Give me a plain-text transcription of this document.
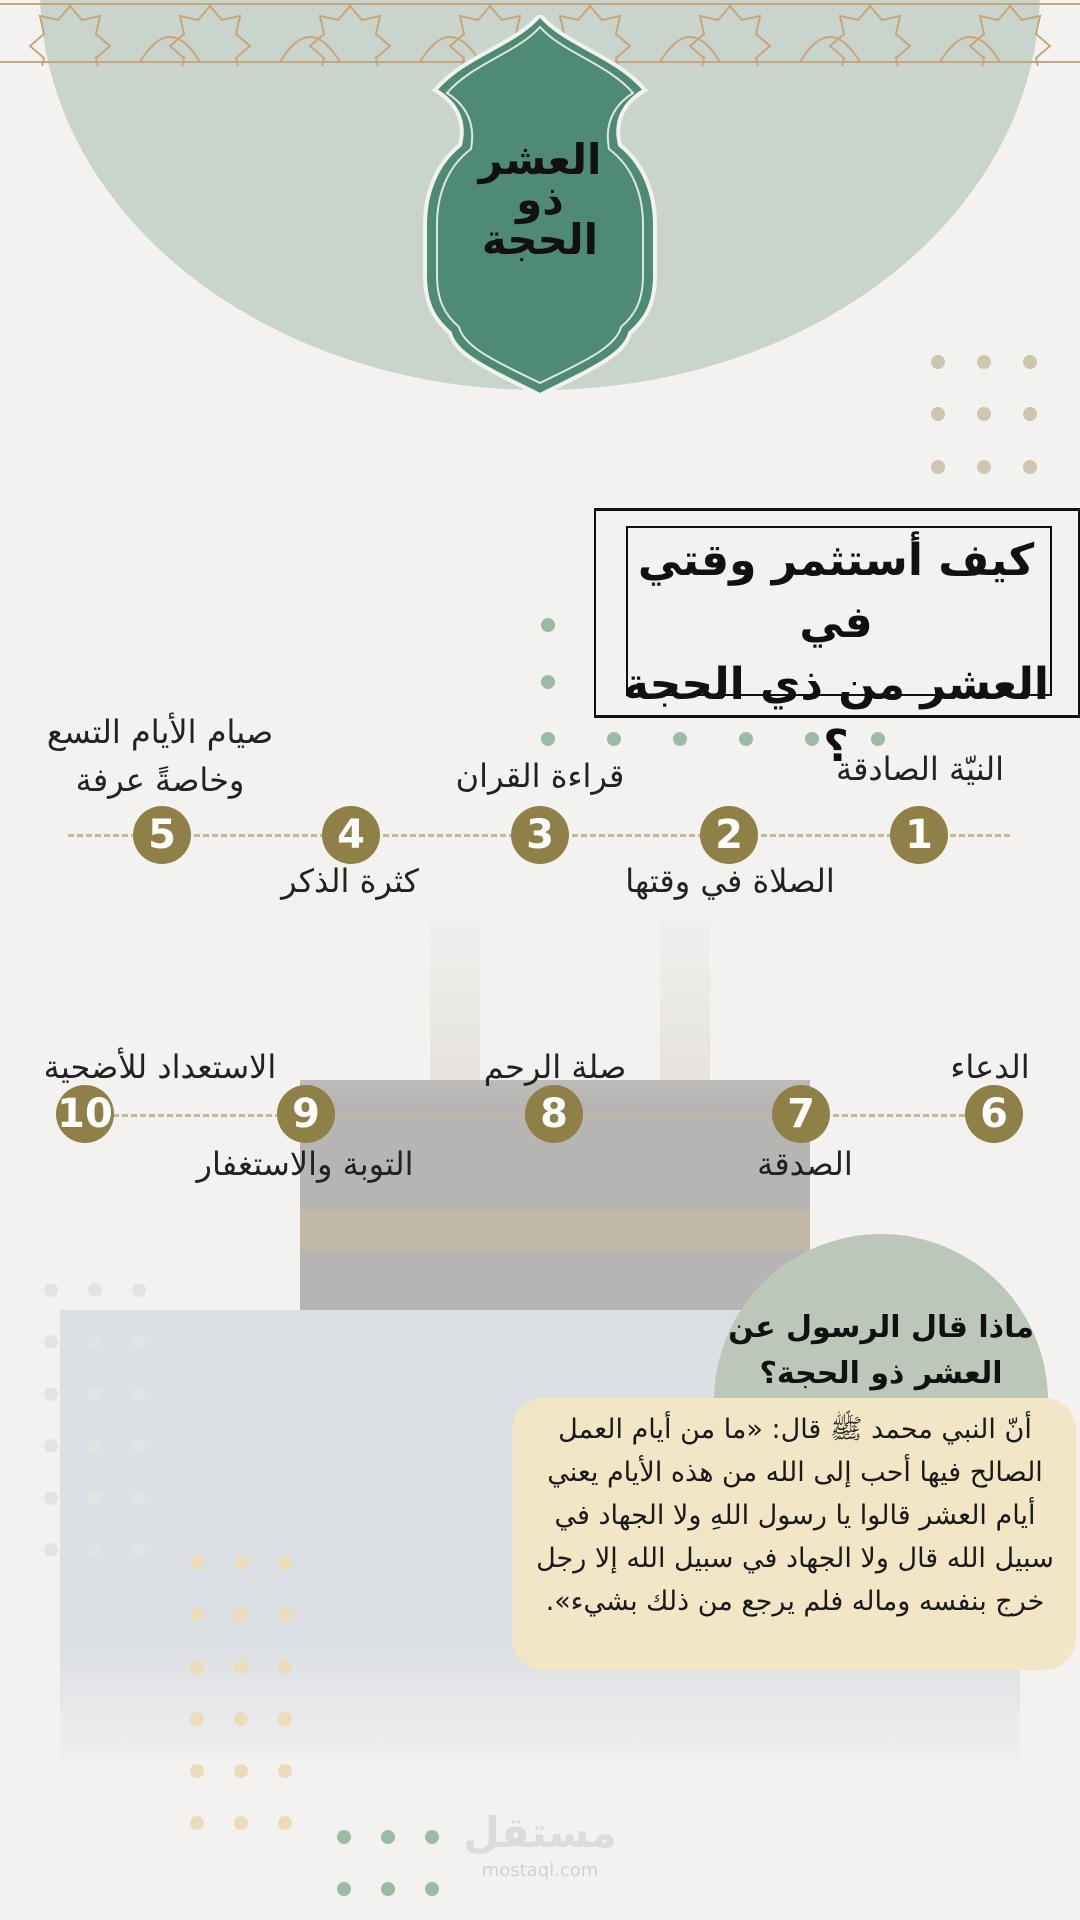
العشر
ذو
الحجة
كيف أستثمر وقتي في
العشر من ذي الحجة ؟
1
2
3
4
5
النيّة الصادقة
الصلاة في وقتها
قراءة القران
كثرة الذكر
صيام الأيام التسع
وخاصةً عرفة
6
7
8
9
10
الدعاء
الصدقة
صلة الرحم
التوبة والاستغفار
الاستعداد للأضحية
ماذا قال الرسول عن
العشر ذو الحجة؟
أنّ النبي محمد ﷺ قال: «ما من أيام العمل الصالح فيها أحب إلى الله من هذه الأيام يعني أيام العشر قالوا يا رسول اللهِ ولا الجهاد في سبيل الله قال ولا الجهاد في سبيل الله إلا رجل خرج بنفسه وماله فلم يرجع من ذلك بشيء».
مستقل
mostaql.com
